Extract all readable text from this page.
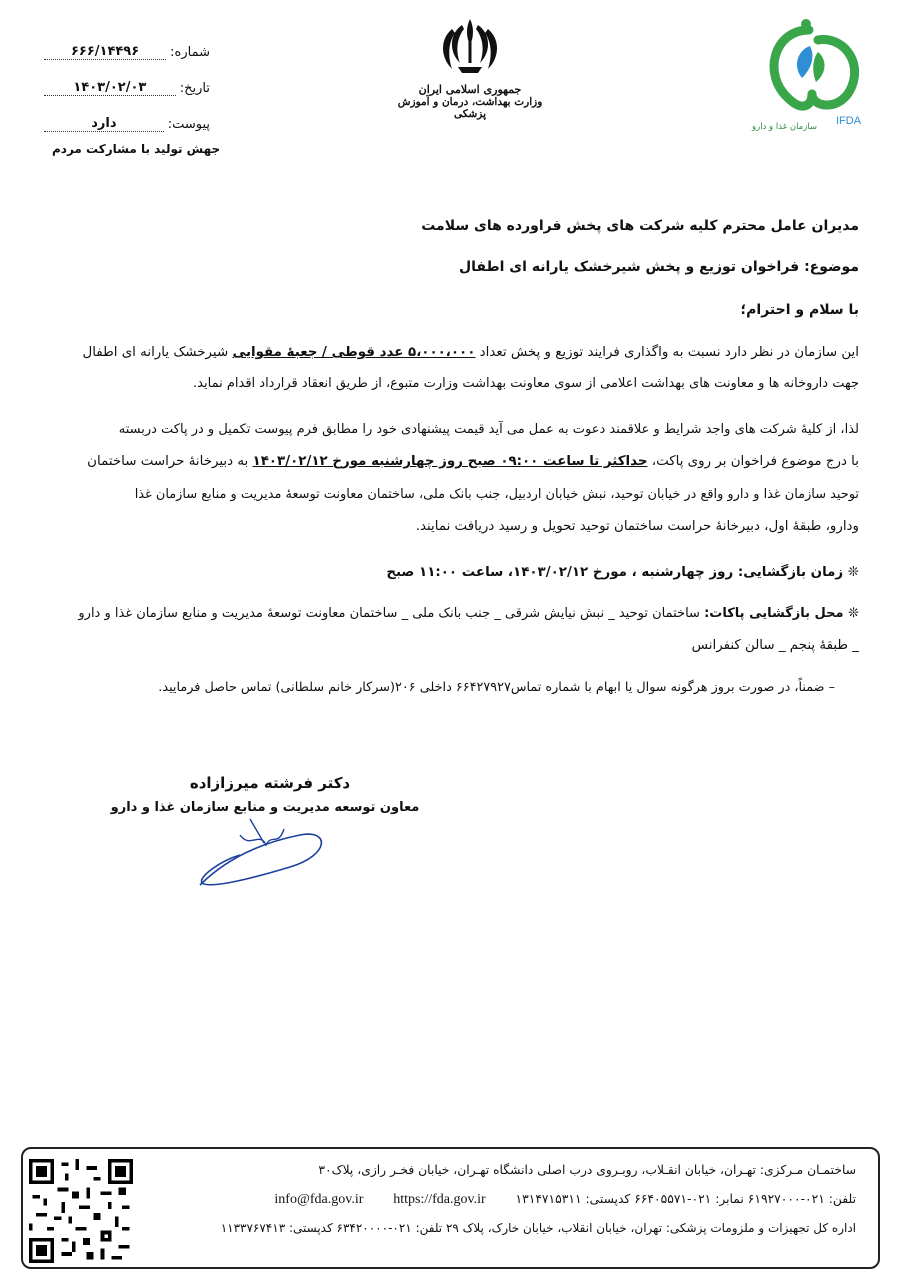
شماره:
۶۶۶/۱۴۴۹۶
تاریخ:
۱۴۰۳/۰۲/۰۳
پیوست:
دارد
جهش تولید با مشارکت مردم
جمهوری اسلامی ایران
وزارت بهداشت، درمان و آموزش پزشکی
IFDA
سازمان غذا و دارو
مدیران عامل محترم کلیه شرکت های پخش فراورده های سلامت
موضوع: فراخوان توزیع و پخش شیرخشک یارانه ای اطفال
با سلام و احترام؛
این سازمان در نظر دارد نسبت به واگذاری فرایند توزیع و پخش تعداد ۵،۰۰۰،۰۰۰ عدد قوطی / جعبهٔ مقوایی شیرخشک یارانه ای اطفال
جهت داروخانه ها و معاونت های بهداشت اعلامی از سوی معاونت بهداشت وزارت متبوع، از طریق انعقاد قرارداد اقدام نماید.
لذا، از کلیهٔ شرکت های واجد شرایط و علاقمند دعوت به عمل می آید قیمت پیشنهادی خود را مطابق فرم پیوست تکمیل و در پاکت دربسته
با درج موضوع فراخوان بر روی پاکت، حداکثر تا ساعت ۰۹:۰۰ صبح روز چهارشنبه مورخ ۱۴۰۳/۰۲/۱۲ به دبیرخانهٔ حراست ساختمان
توحید سازمان غذا و دارو واقع در خیابان توحید، نبش خیابان اردبیل، جنب بانک ملی، ساختمان معاونت توسعهٔ مدیریت و منابع سازمان غذا
ودارو، طبقهٔ اول، دبیرخانهٔ حراست ساختمان توحید تحویل و رسید دریافت نمایند.
❊ زمان بازگشایی: روز چهارشنبه ، مورخ ۱۴۰۳/۰۲/۱۲، ساعت ۱۱:۰۰ صبح
❊ محل بازگشایی پاکات: ساختمان توحید _ نبش نیایش شرقی _ جنب بانک ملی _ ساختمان معاونت توسعهٔ مدیریت و منابع سازمان غذا و دارو
_ طبقهٔ پنجم _ سالن کنفرانس
– ضمناً، در صورت بروز هرگونه سوال یا ابهام با شماره تماس۶۶۴۲۷۹۲۷ داخلی ۲۰۶(سرکار خانم سلطانی) تماس حاصل فرمایید.
دکتر فرشته میرزازاده
معاون توسعه مدیریت و منابع سازمان غذا و دارو
ساختمـان مـرکزی: تهـران، خیابان انقـلاب، روبـروی درب اصلی دانشگاه تهـران، خیابان فخـر رازی، پلاک۳۰
تلفن: ۰۲۱-۶۱۹۲۷۰۰۰ نمابر: ۰۲۱-۶۶۴۰۵۵۷۱ کدپستی: ۱۳۱۴۷۱۵۳۱۱  info@fda.gov.ir https://fda.gov.ir
اداره کل تجهیزات و ملزومات پزشکی: تهران، خیابان انقلاب، خیابان خارک، پلاک ۲۹ تلفن: ۰۲۱-۶۳۴۲۰۰۰۰ کدپستی: ۱۱۳۳۷۶۷۴۱۳
